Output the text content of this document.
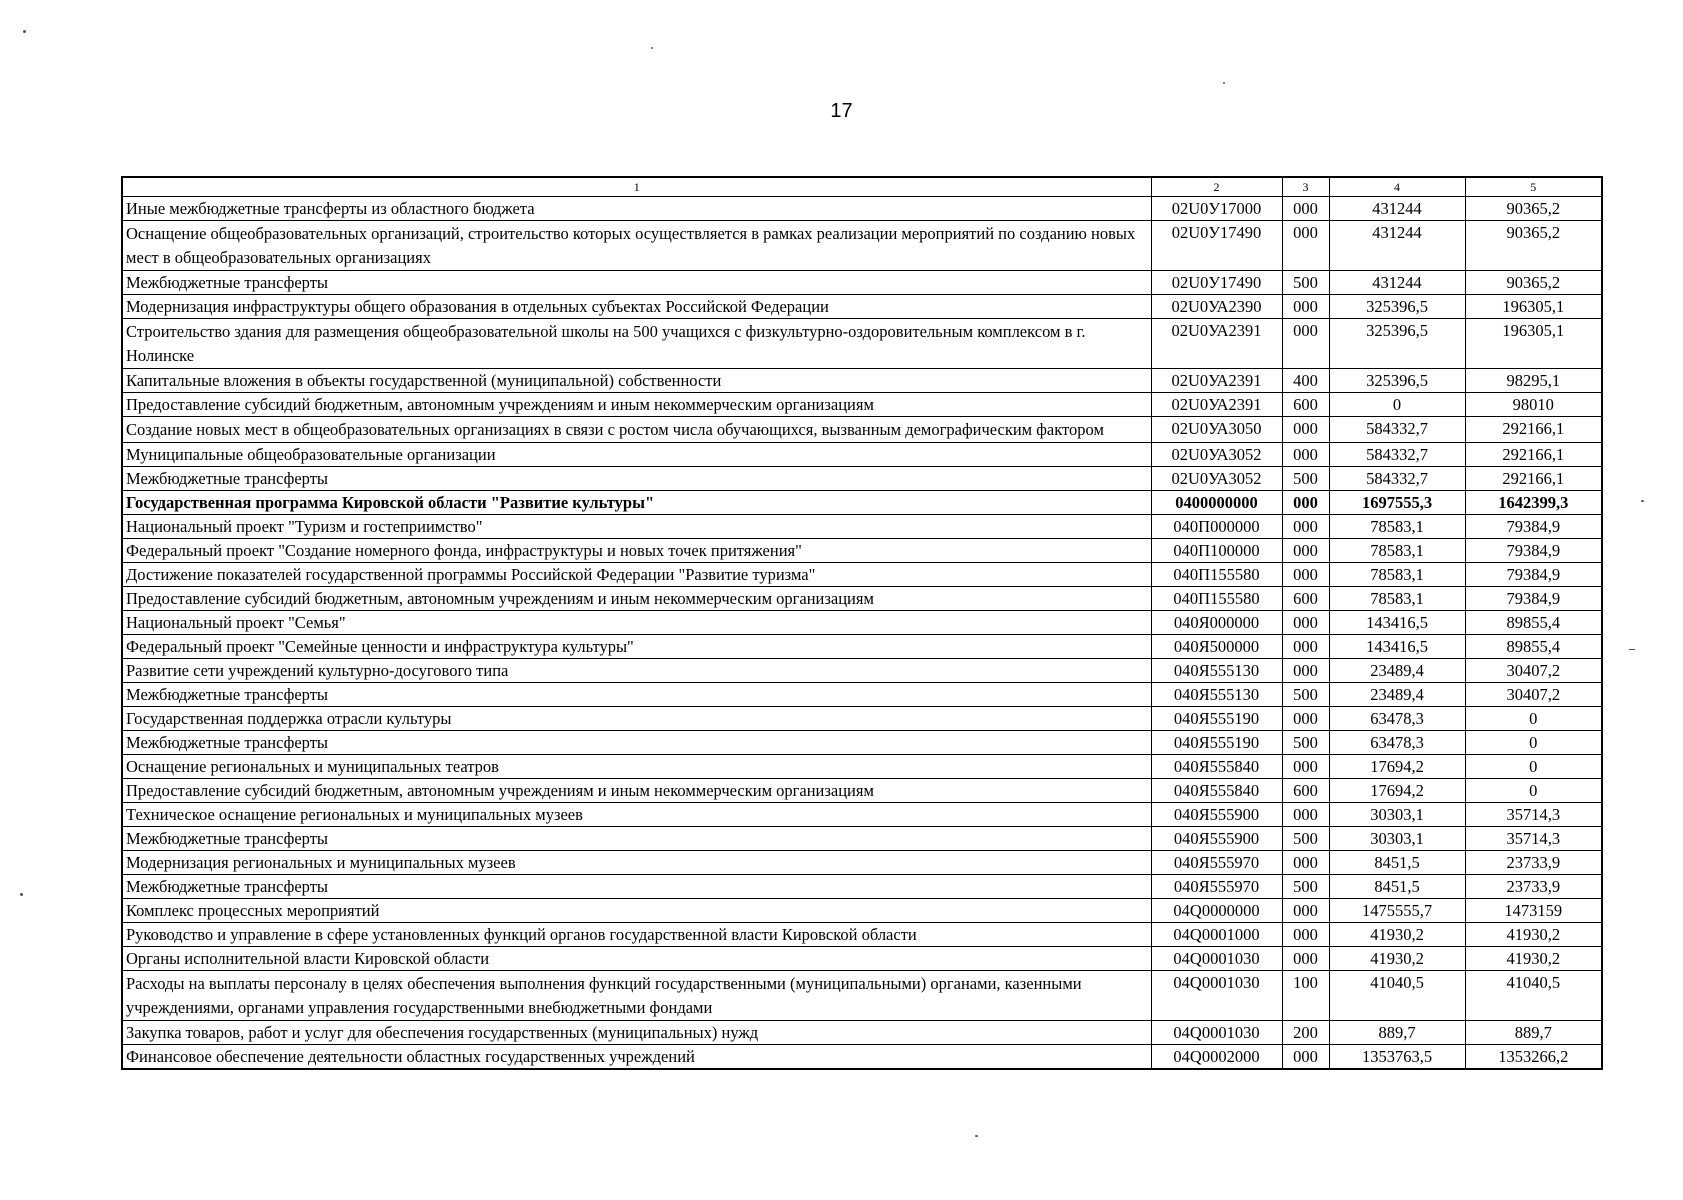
17
1	2	3	4	5
Иные межбюджетные трансферты из областного бюджета	02U0У17000	000	431244	90365,2
Оснащение общеобразовательных организаций, строительство которых осуществляется в рамках реализации мероприятий по созданию новых мест в общеобразовательных организациях	02U0У17490	000	431244	90365,2
Межбюджетные трансферты	02U0У17490	500	431244	90365,2
Модернизация инфраструктуры общего образования в отдельных субъектах Российской Федерации	02U0УА2390	000	325396,5	196305,1
Строительство здания для размещения общеобразовательной школы на 500 учащихся с физкультурно-оздоровительным комплексом в г. Нолинске	02U0УА2391	000	325396,5	196305,1
Капитальные вложения в объекты государственной (муниципальной) собственности	02U0УА2391	400	325396,5	98295,1
Предоставление субсидий бюджетным, автономным учреждениям и иным некоммерческим организациям	02U0УА2391	600	0	98010
Создание новых мест в общеобразовательных организациях в связи с ростом числа обучающихся, вызванным демографическим фактором	02U0УА3050	000	584332,7	292166,1
Муниципальные общеобразовательные организации	02U0УА3052	000	584332,7	292166,1
Межбюджетные трансферты	02U0УА3052	500	584332,7	292166,1
Государственная программа Кировской области "Развитие культуры"	0400000000	000	1697555,3	1642399,3
Национальный проект "Туризм и гостеприимство"	040П000000	000	78583,1	79384,9
Федеральный проект "Создание номерного фонда, инфраструктуры и новых точек притяжения"	040П100000	000	78583,1	79384,9
Достижение показателей государственной программы Российской Федерации "Развитие туризма"	040П155580	000	78583,1	79384,9
Предоставление субсидий бюджетным, автономным учреждениям и иным некоммерческим организациям	040П155580	600	78583,1	79384,9
Национальный проект "Семья"	040Я000000	000	143416,5	89855,4
Федеральный проект "Семейные ценности и инфраструктура культуры"	040Я500000	000	143416,5	89855,4
Развитие сети учреждений культурно-досугового типа	040Я555130	000	23489,4	30407,2
Межбюджетные трансферты	040Я555130	500	23489,4	30407,2
Государственная поддержка отрасли культуры	040Я555190	000	63478,3	0
Межбюджетные трансферты	040Я555190	500	63478,3	0
Оснащение региональных и муниципальных театров	040Я555840	000	17694,2	0
Предоставление субсидий бюджетным, автономным учреждениям и иным некоммерческим организациям	040Я555840	600	17694,2	0
Техническое оснащение региональных и муниципальных музеев	040Я555900	000	30303,1	35714,3
Межбюджетные трансферты	040Я555900	500	30303,1	35714,3
Модернизация региональных и муниципальных музеев	040Я555970	000	8451,5	23733,9
Межбюджетные трансферты	040Я555970	500	8451,5	23733,9
Комплекс процессных мероприятий	04Q0000000	000	1475555,7	1473159
Руководство и управление в сфере установленных функций органов государственной власти Кировской области	04Q0001000	000	41930,2	41930,2
Органы исполнительной власти Кировской области	04Q0001030	000	41930,2	41930,2
Расходы на выплаты персоналу в целях обеспечения выполнения функций государственными (муниципальными) органами, казенными учреждениями, органами управления государственными внебюджетными фондами	04Q0001030	100	41040,5	41040,5
Закупка товаров, работ и услуг для обеспечения государственных (муниципальных) нужд	04Q0001030	200	889,7	889,7
Финансовое обеспечение деятельности областных государственных учреждений	04Q0002000	000	1353763,5	1353266,2
